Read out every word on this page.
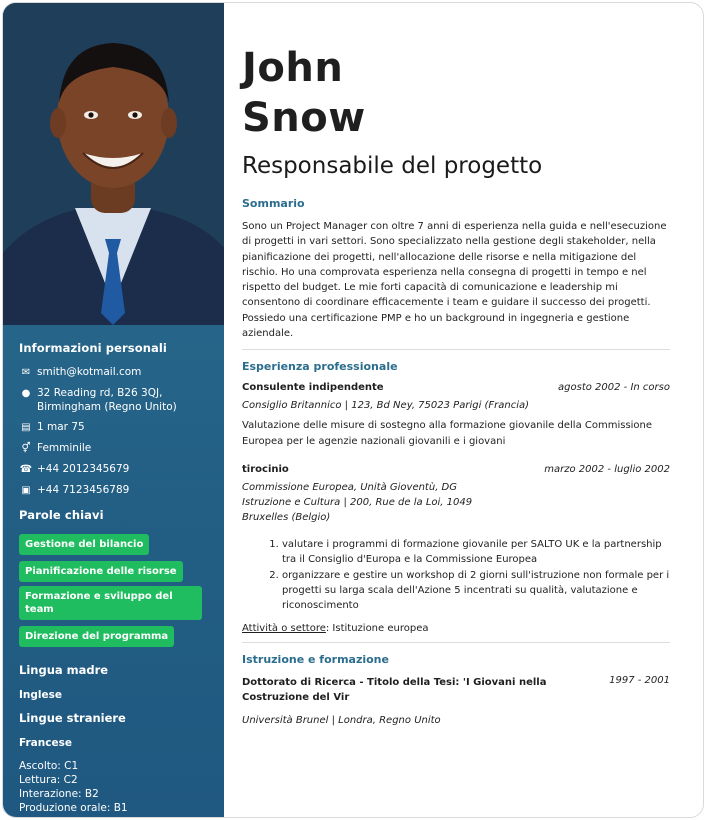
Informazioni personali
✉ smith@kotmail.com
● 32 Reading rd, B26 3QJ, Birmingham (Regno Unito)
▤ 1 mar 75
⚥ Femminile
☎ +44 2012345679
▣ +44 7123456789
Parole chiavi
Gestione del bilancio
Pianificazione delle risorse

Formazione e sviluppo del team
Direzione del programma
Lingua madre
Inglese
Lingue straniere
Francese
Ascolto: C1
Lettura: C2
Interazione: B2
Produzione orale: B1
John
Snow
Responsabile del progetto
Sommario

Sono un Project Manager con oltre 7 anni di esperienza nella guida e nell'esecuzione di progetti in vari settori. Sono specializzato nella gestione degli stakeholder, nella pianificazione dei progetti, nell'allocazione delle risorse e nella mitigazione del rischio. Ho una comprovata esperienza nella consegna di progetti in tempo e nel rispetto del budget. Le mie forti capacità di comunicazione e leadership mi consentono di coordinare efficacemente i team e guidare il successo dei progetti. Possiedo una certificazione PMP e ho un background in ingegneria e gestione aziendale.

Esperienza professionale
Consulente indipendente	agosto 2002 - In corso
Consiglio Britannico | 123, Bd Ney, 75023 Parigi (Francia)

Valutazione delle misure di sostegno alla formazione giovanile della Commissione Europea per le agenzie nazionali giovanili e i giovani

tirocinio	marzo 2002 - luglio 2002
Commissione Europea, Unità Gioventù, DG Istruzione e Cultura | 200, Rue de la Loi, 1049 Bruxelles (Belgio)
1. valutare i programmi di formazione giovanile per SALTO UK e la partnership tra il Consiglio d'Europa e la Commissione Europea
2. organizzare e gestire un workshop di 2 giorni sull'istruzione non formale per i progetti su larga scala dell'Azione 5 incentrati su qualità, valutazione e riconoscimento
Attività o settore: Istituzione europea
Istruzione e formazione
Dottorato di Ricerca - Titolo della Tesi: 'I Giovani nella Costruzione del Vir
1997 - 2001
Università Brunel | Londra, Regno Unito
